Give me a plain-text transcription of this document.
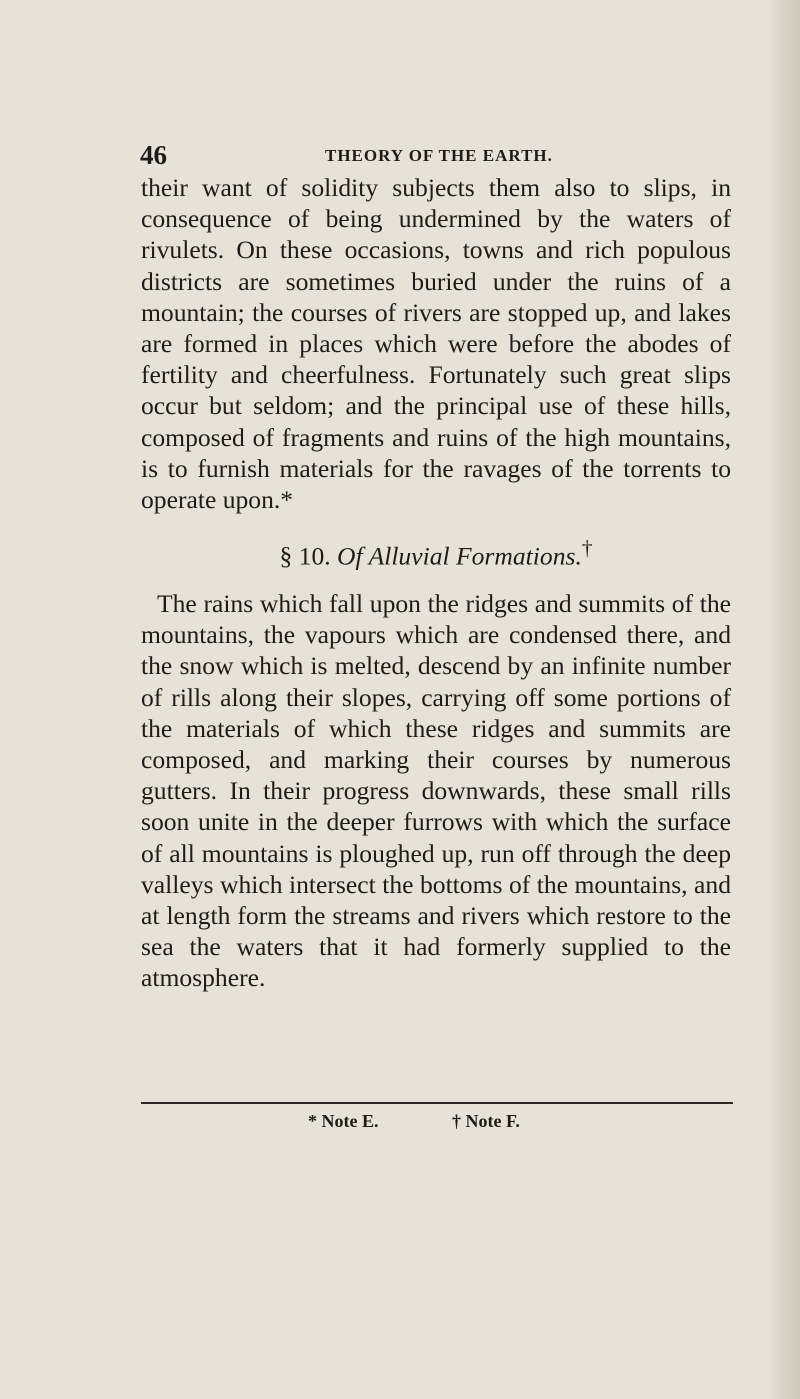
46	THEORY OF THE EARTH.

their want of solidity subjects them also to slips, in consequence of being undermined by the waters of rivulets. On these occasions, towns and rich populous districts are sometimes buried under the ruins of a mountain; the courses of rivers are stopped up, and lakes are formed in places which were before the abodes of fertility and cheerfulness. Fortunately such great slips occur but seldom; and the principal use of these hills, composed of fragments and ruins of the high mountains, is to furnish materials for the ravages of the torrents to operate upon.*

§ 10. Of Alluvial Formations.†

The rains which fall upon the ridges and summits of the mountains, the vapours which are condensed there, and the snow which is melted, descend by an infinite number of rills along their slopes, carrying off some portions of the materials of which these ridges and summits are composed, and marking their courses by numerous gutters. In their progress downwards, these small rills soon unite in the deeper furrows with which the surface of all mountains is ploughed up, run off through the deep valleys which intersect the bottoms of the mountains, and at length form the streams and rivers which restore to the sea the waters that it had formerly supplied to the atmosphere.

* Note E.	† Note F.
